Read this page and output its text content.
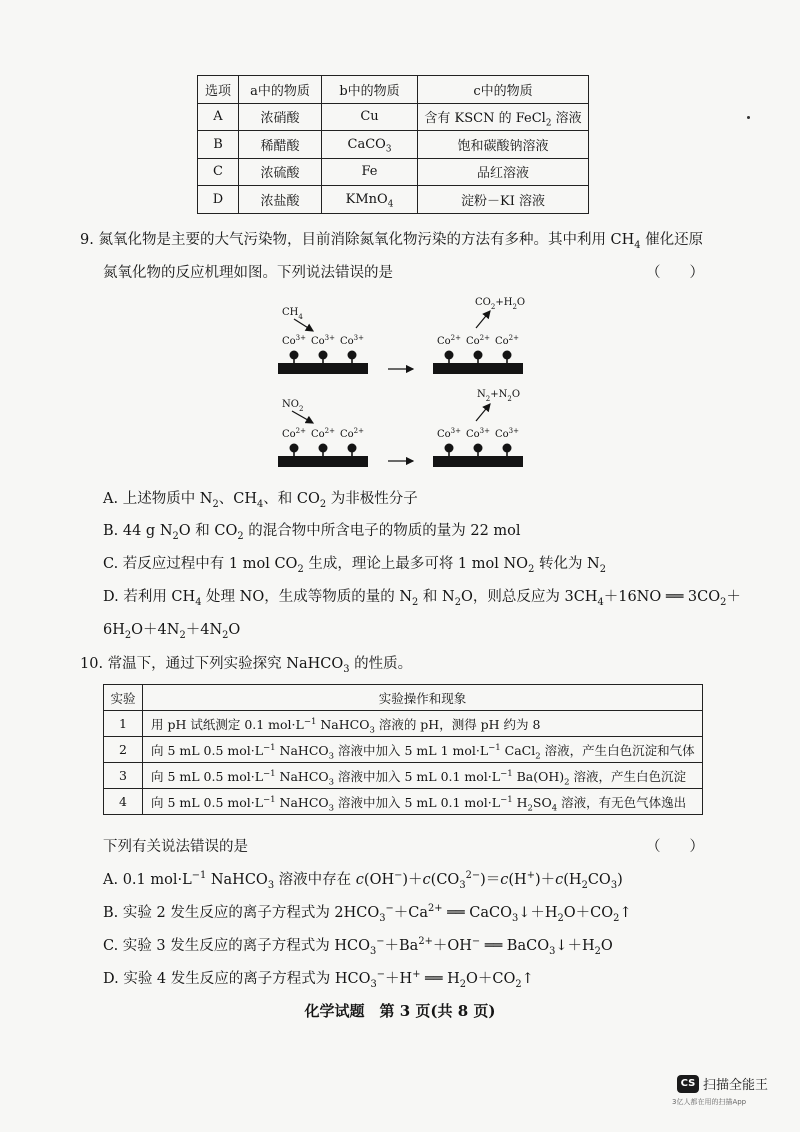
选项	a中的物质	b中的物质	c中的物质
A	浓硝酸	Cu	含有 KSCN 的 FeCl$_2$ 溶液
B	稀醋酸	CaCO$_3$	饱和碳酸钠溶液
C	浓硫酸	Fe	品红溶液
D	浓盐酸	KMnO$_4$	淀粉－KI 溶液
9. 氮氧化物是主要的大气污染物，目前消除氮氧化物污染的方法有多种。其中利用 $CH_4$ 催化还原
氮氧化物的反应机理如图。下列说法错误的是	（　　）
$CH_4$
$Co^{3+}$ $Co^{3+}$ $Co^{3+}$
$CO_2+H_2O$
$Co^{2+}$ $Co^{2+}$ $Co^{2+}$
$NO_2$
$Co^{2+}$ $Co^{2+}$ $Co^{2+}$
$N_2+N_2O$
$Co^{3+}$ $Co^{3+}$ $Co^{3+}$
A. 上述物质中 $N_2$、$CH_4$、和 $CO_2$ 为非极性分子
B. 44 g $N_2O$ 和 $CO_2$ 的混合物中所含电子的物质的量为 22 mol
C. 若反应过程中有 1 mol $CO_2$ 生成，理论上最多可将 1 mol $NO_2$ 转化为 $N_2$
D. 若利用 $CH_4$ 处理 NO，生成等物质的量的 $N_2$ 和 $N_2O$，则总反应为 $3CH_4+16NO$ ══ $3CO_2+$
$6H_2O+4N_2+4N_2O$
10. 常温下，通过下列实验探究 NaHCO$_3$ 的性质。
实验	实验操作和现象
1	用 pH 试纸测定 0.1 $mol\cdot L^{-1}$ NaHCO$_3$ 溶液的 pH，测得 pH 约为 8
2	向 5 mL 0.5 $mol\cdot L^{-1}$ NaHCO$_3$ 溶液中加入 5 mL 1 $mol\cdot L^{-1}$ CaCl$_2$ 溶液，产生白色沉淀和气体
3	向 5 mL 0.5 $mol\cdot L^{-1}$ NaHCO$_3$ 溶液中加入 5 mL 0.1 $mol\cdot L^{-1}$ $Ba(OH)_2$ 溶液，产生白色沉淀
4	向 5 mL 0.5 $mol\cdot L^{-1}$ NaHCO$_3$ 溶液中加入 5 mL 0.1 $mol\cdot L^{-1}$ $H_2SO_4$ 溶液，有无色气体逸出
下列有关说法错误的是	（　　）
A. 0.1 $mol\cdot L^{-1}$ NaHCO$_3$ 溶液中存在 $c(OH^-)+c(CO_3^{2-})=c(H^+)+c(H_2CO_3)$
B. 实验 2 发生反应的离子方程式为 $2HCO_3^-+Ca^{2+}$ ══ $CaCO_3↓+H_2O+CO_2↑$
C. 实验 3 发生反应的离子方程式为 $HCO_3^-+Ba^{2+}+OH^-$ ══ $BaCO_3↓+H_2O$
D. 实验 4 发生反应的离子方程式为 $HCO_3^-+H^+$ ══ $H_2O+CO_2↑$
化学试题　第 3 页(共 8 页)
CS 扫描全能王
3亿人都在用的扫描App
